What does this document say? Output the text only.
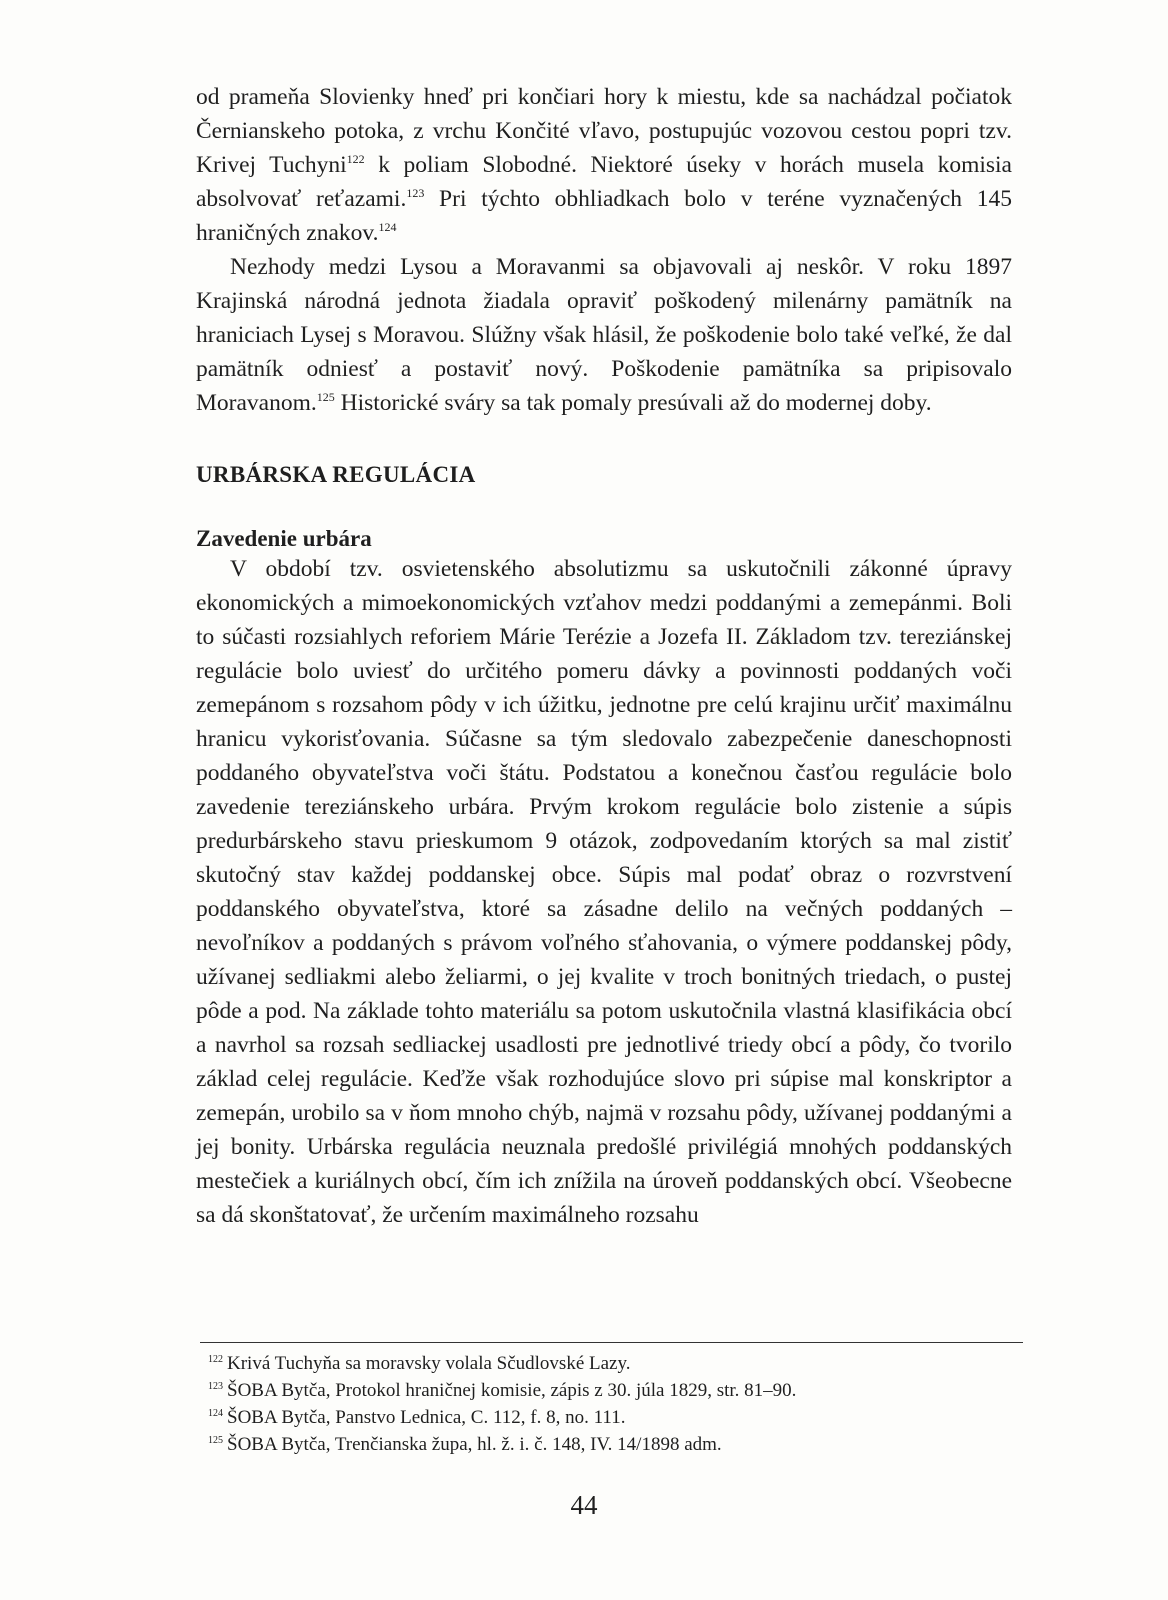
od prameňa Slovienky hneď pri končiari hory k miestu, kde sa nachádzal počiatok Černianskeho potoka, z vrchu Končité vľavo, postupujúc vozovou cestou popri tzv. Krivej Tuchyni$^{122}$ k poliam Slobodné. Niektoré úseky v horách musela komisia absolvovať reťazami.$^{123}$ Pri týchto obhliadkach bolo v teréne vyznačených 145 hraničných znakov.$^{124}$

Nezhody medzi Lysou a Moravanmi sa objavovali aj neskôr. V roku 1897 Krajinská národná jednota žiadala opraviť poškodený milenárny pamätník na hraniciach Lysej s Moravou. Slúžny však hlásil, že poškodenie bolo také veľké, že dal pamätník odniesť a postaviť nový. Poškodenie pamätníka sa pripisovalo Moravanom.$^{125}$ Historické sváry sa tak pomaly presúvali až do modernej doby.

URBÁRSKA REGULÁCIA
Zavedenie urbára

V období tzv. osvietenského absolutizmu sa uskutočnili zákonné úpravy ekonomických a mimoekonomických vzťahov medzi poddanými a zemepánmi. Boli to súčasti rozsiahlych reforiem Márie Terézie a Jozefa II. Základom tzv. tereziánskej regulácie bolo uviesť do určitého pomeru dávky a povinnosti poddaných voči zemepánom s rozsahom pôdy v ich úžitku, jednotne pre celú krajinu určiť maximálnu hranicu vykorisťovania. Súčasne sa tým sledovalo zabezpečenie daneschopnosti poddaného obyvateľstva voči štátu. Podstatou a konečnou časťou regulácie bolo zavedenie tereziánskeho urbára. Prvým krokom regulácie bolo zistenie a súpis predurbárskeho stavu prieskumom 9 otázok, zodpovedaním ktorých sa mal zistiť skutočný stav každej poddanskej obce. Súpis mal podať obraz o rozvrstvení poddanského obyvateľstva, ktoré sa zásadne delilo na večných poddaných – nevoľníkov a poddaných s právom voľného sťahovania, o výmere poddanskej pôdy, užívanej sedliakmi alebo želiarmi, o jej kvalite v troch bonitných triedach, o pustej pôde a pod. Na základe tohto materiálu sa potom uskutočnila vlastná klasifikácia obcí a navrhol sa rozsah sedliackej usadlosti pre jednotlivé triedy obcí a pôdy, čo tvorilo základ celej regulácie. Keďže však rozhodujúce slovo pri súpise mal konskriptor a zemepán, urobilo sa v ňom mnoho chýb, najmä v rozsahu pôdy, užívanej poddanými a jej bonity. Urbárska regulácia neuznala predošlé privilégiá mnohých poddanských mestečiek a kuriálnych obcí, čím ich znížila na úroveň poddanských obcí. Všeobecne sa dá skonštatovať, že určením maximálneho rozsahu

$^{122}$ Krivá Tuchyňa sa moravsky volala Sčudlovské Lazy.
$^{123}$ ŠOBA Bytča, Protokol hraničnej komisie, zápis z 30. júla 1829, str. 81–90.
$^{124}$ ŠOBA Bytča, Panstvo Lednica, C. 112, f. 8, no. 111.
$^{125}$ ŠOBA Bytča, Trenčianska župa, hl. ž. i. č. 148, IV. 14/1898 adm.
44
